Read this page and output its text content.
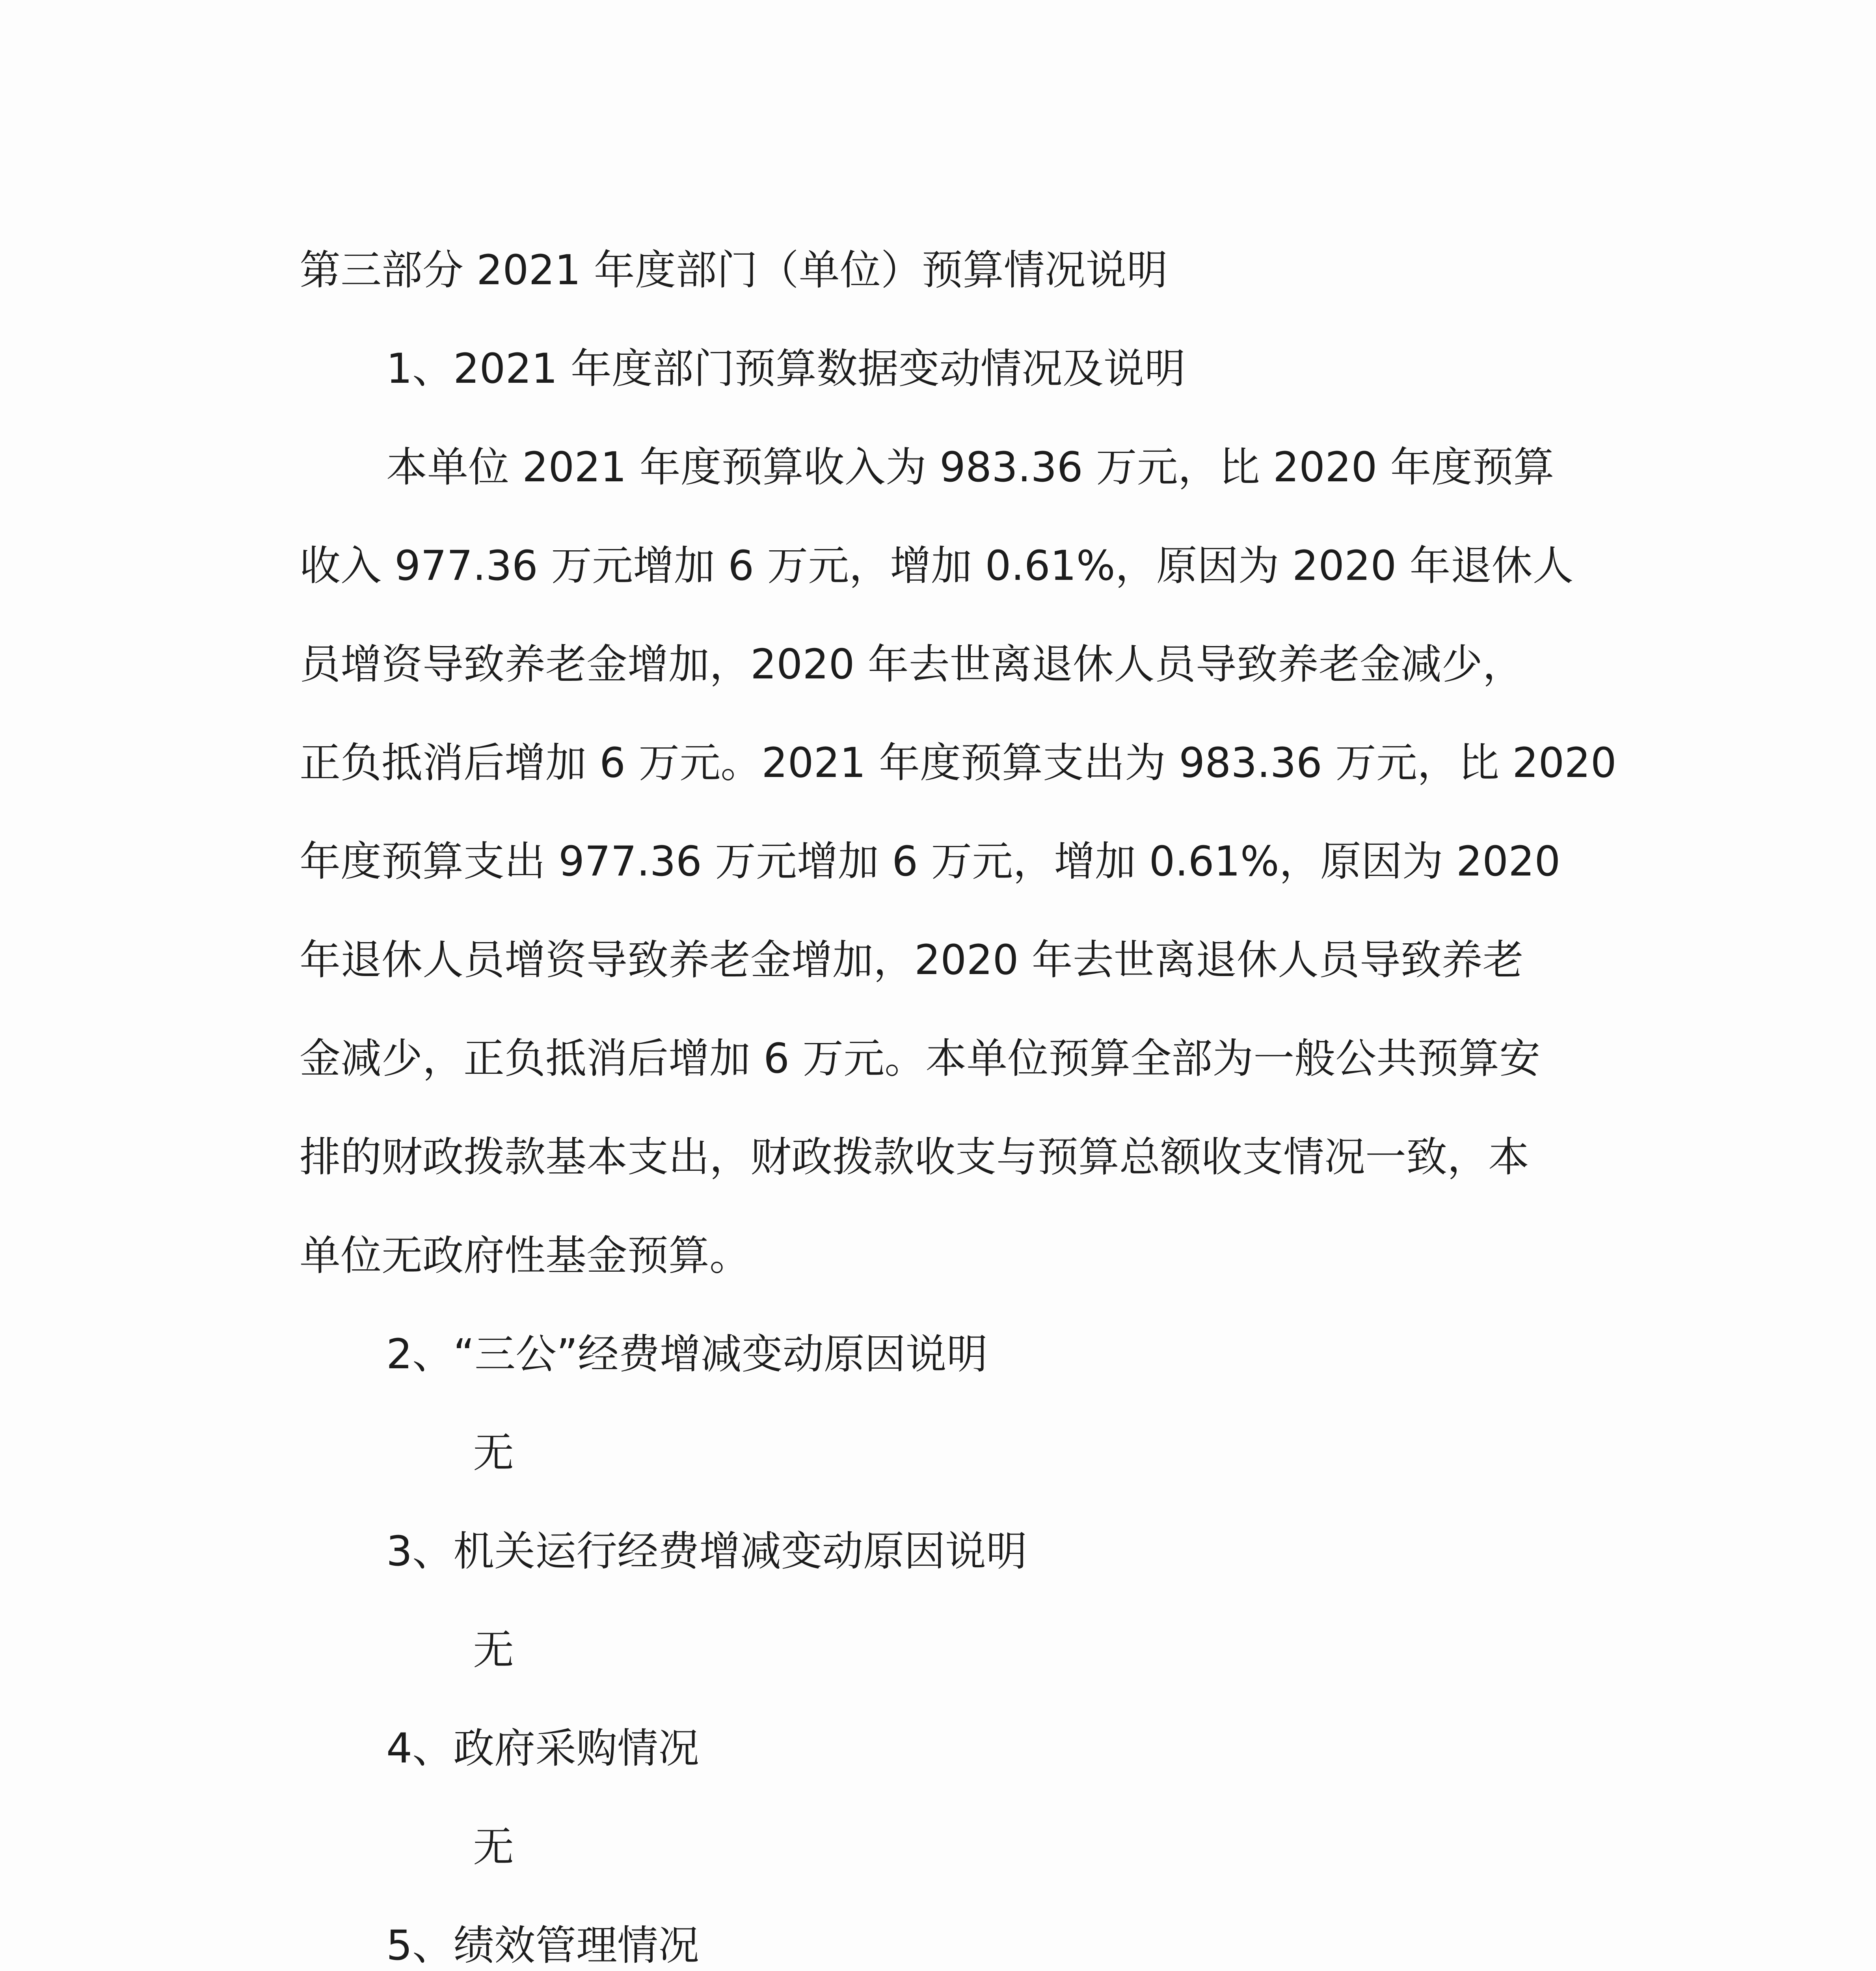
第三部分 2021 年度部门（单位）预算情况说明
1、2021 年度部门预算数据变动情况及说明
本单位 2021 年度预算收入为 983.36 万元，比 2020 年度预算
收入 977.36 万元增加 6 万元，增加 0.61%，原因为 2020 年退休人
员增资导致养老金增加，2020 年去世离退休人员导致养老金减少，
正负抵消后增加 6 万元。2021 年度预算支出为 983.36 万元，比 2020
年度预算支出 977.36 万元增加 6 万元，增加 0.61%，原因为 2020
年退休人员增资导致养老金增加，2020 年去世离退休人员导致养老
金减少，正负抵消后增加 6 万元。本单位预算全部为一般公共预算安
排的财政拨款基本支出，财政拨款收支与预算总额收支情况一致，本
单位无政府性基金预算。
2、“三公”经费增减变动原因说明
无
3、机关运行经费增减变动原因说明
无
4、政府采购情况
无
5、绩效管理情况
